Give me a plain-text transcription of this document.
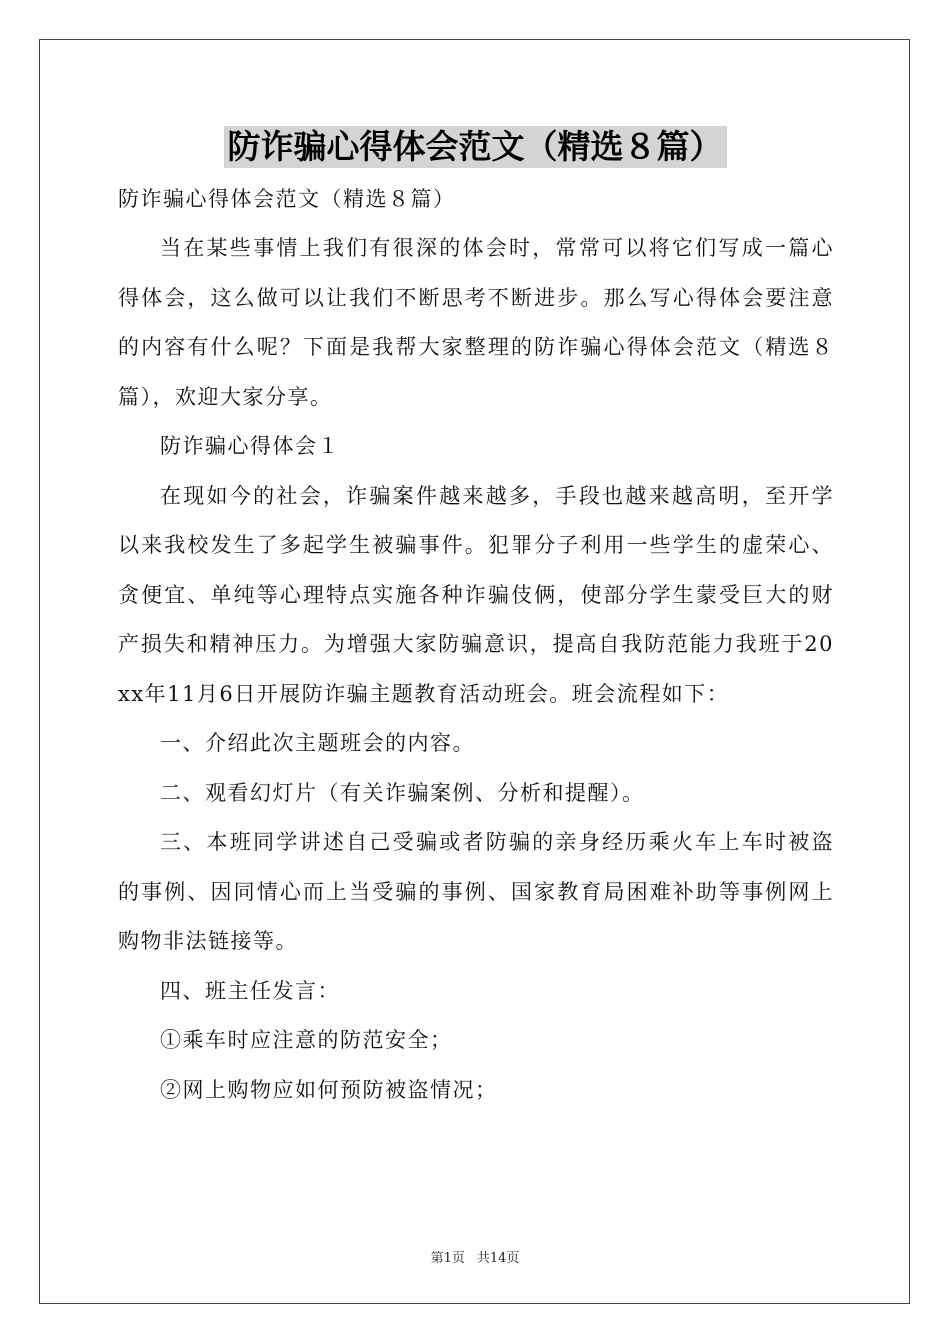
防诈骗心得体会范文（精选８篇）

防诈骗心得体会范文（精选８篇）

当在某些事情上我们有很深的体会时，常常可以将它们写成一篇心得体会，这么做可以让我们不断思考不断进步。那么写心得体会要注意的内容有什么呢？下面是我帮大家整理的防诈骗心得体会范文（精选８篇），欢迎大家分享。

防诈骗心得体会１

在现如今的社会，诈骗案件越来越多，手段也越来越高明，至开学以来我校发生了多起学生被骗事件。犯罪分子利用一些学生的虚荣心、贪便宜、单纯等心理特点实施各种诈骗伎俩，使部分学生蒙受巨大的财产损失和精神压力。为增强大家防骗意识，提高自我防范能力我班于20xx年11月6日开展防诈骗主题教育活动班会。班会流程如下：

一、介绍此次主题班会的内容。

二、观看幻灯片（有关诈骗案例、分析和提醒）。

三、本班同学讲述自己受骗或者防骗的亲身经历乘火车上车时被盗的事例、因同情心而上当受骗的事例、国家教育局困难补助等事例网上购物非法链接等。

四、班主任发言：

①乘车时应注意的防范安全；

②网上购物应如何预防被盗情况；

第1页 共14页
